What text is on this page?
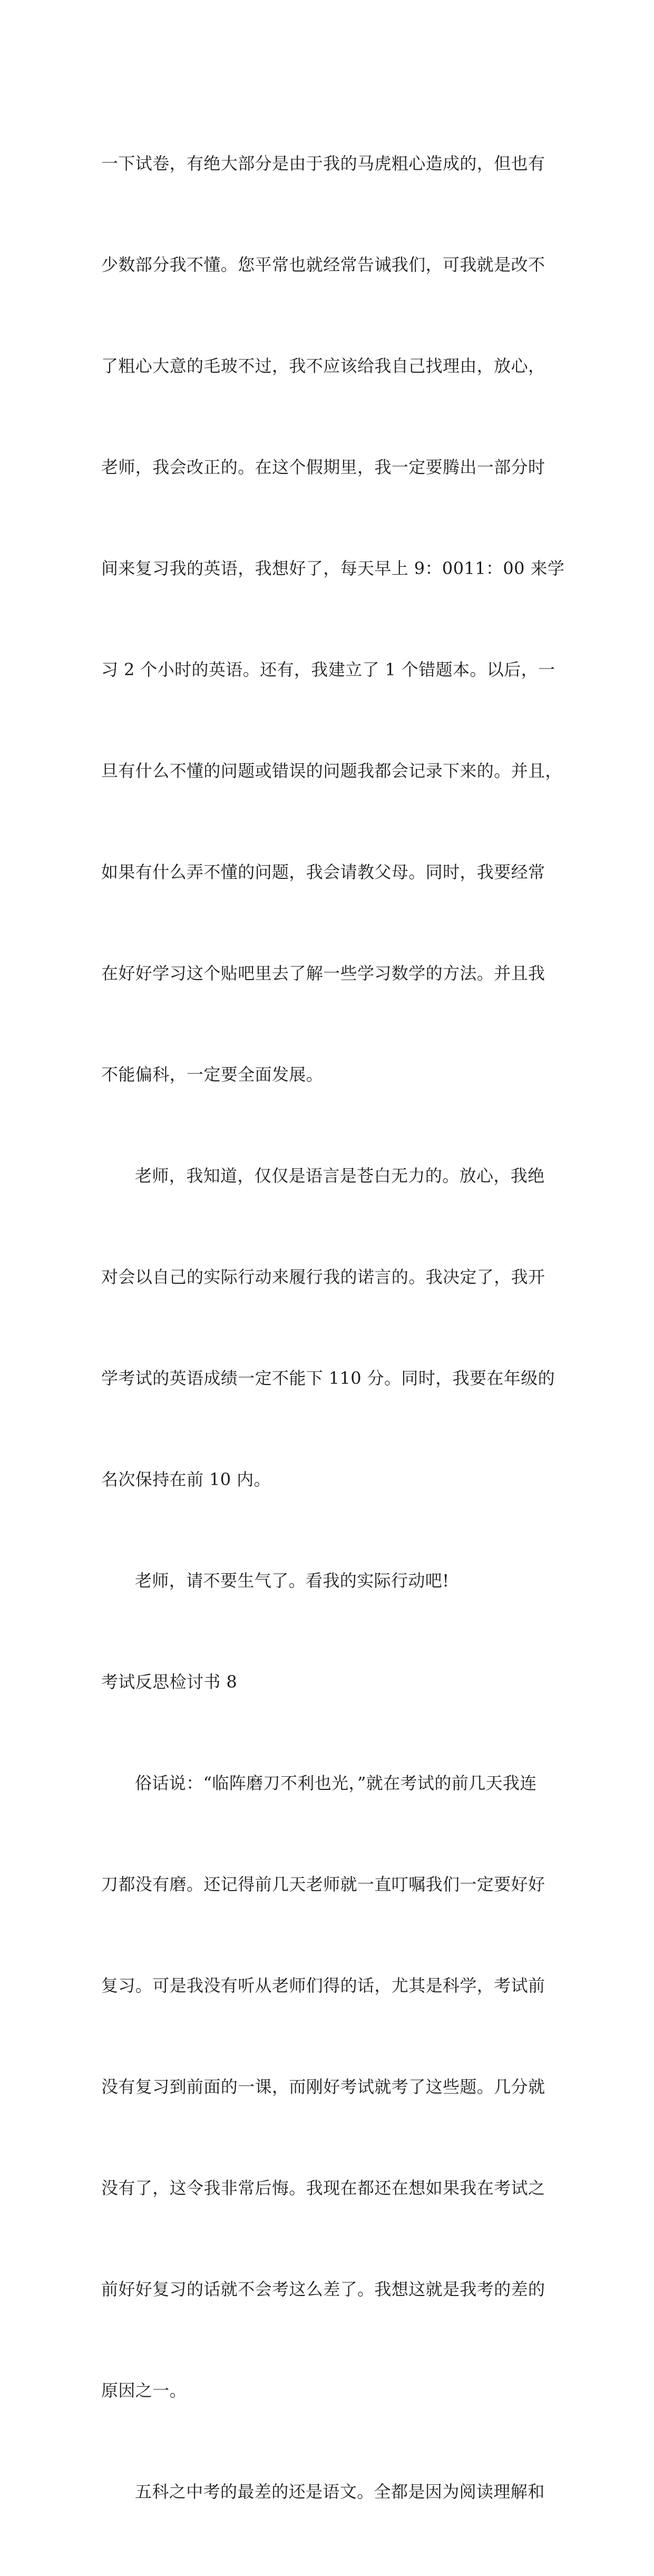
一下试卷，有绝大部分是由于我的马虎粗心造成的，但也有

少数部分我不懂。您平常也就经常告诫我们，可我就是改不

了粗心大意的毛玻不过，我不应该给我自己找理由，放心，

老师，我会改正的。在这个假期里，我一定要腾出一部分时

间来复习我的英语，我想好了，每天早上 9：0011：00 来学

习 2 个小时的英语。还有，我建立了 1 个错题本。以后，一

旦有什么不懂的问题或错误的问题我都会记录下来的。并且，

如果有什么弄不懂的问题，我会请教父母。同时，我要经常

在好好学习这个贴吧里去了解一些学习数学的方法。并且我

不能偏科，一定要全面发展。

老师，我知道，仅仅是语言是苍白无力的。放心，我绝

对会以自己的实际行动来履行我的诺言的。我决定了，我开

学考试的英语成绩一定不能下 110 分。同时，我要在年级的

名次保持在前 10 内。

老师，请不要生气了。看我的实际行动吧!

考试反思检讨书 8

俗话说：“临阵磨刀不利也光，”就在考试的前几天我连

刀都没有磨。还记得前几天老师就一直叮嘱我们一定要好好

复习。可是我没有听从老师们得的话，尤其是科学，考试前

没有复习到前面的一课，而刚好考试就考了这些题。几分就

没有了，这令我非常后悔。我现在都还在想如果我在考试之

前好好复习的话就不会考这么差了。我想这就是我考的差的

原因之一。

五科之中考的最差的还是语文。全都是因为阅读理解和
